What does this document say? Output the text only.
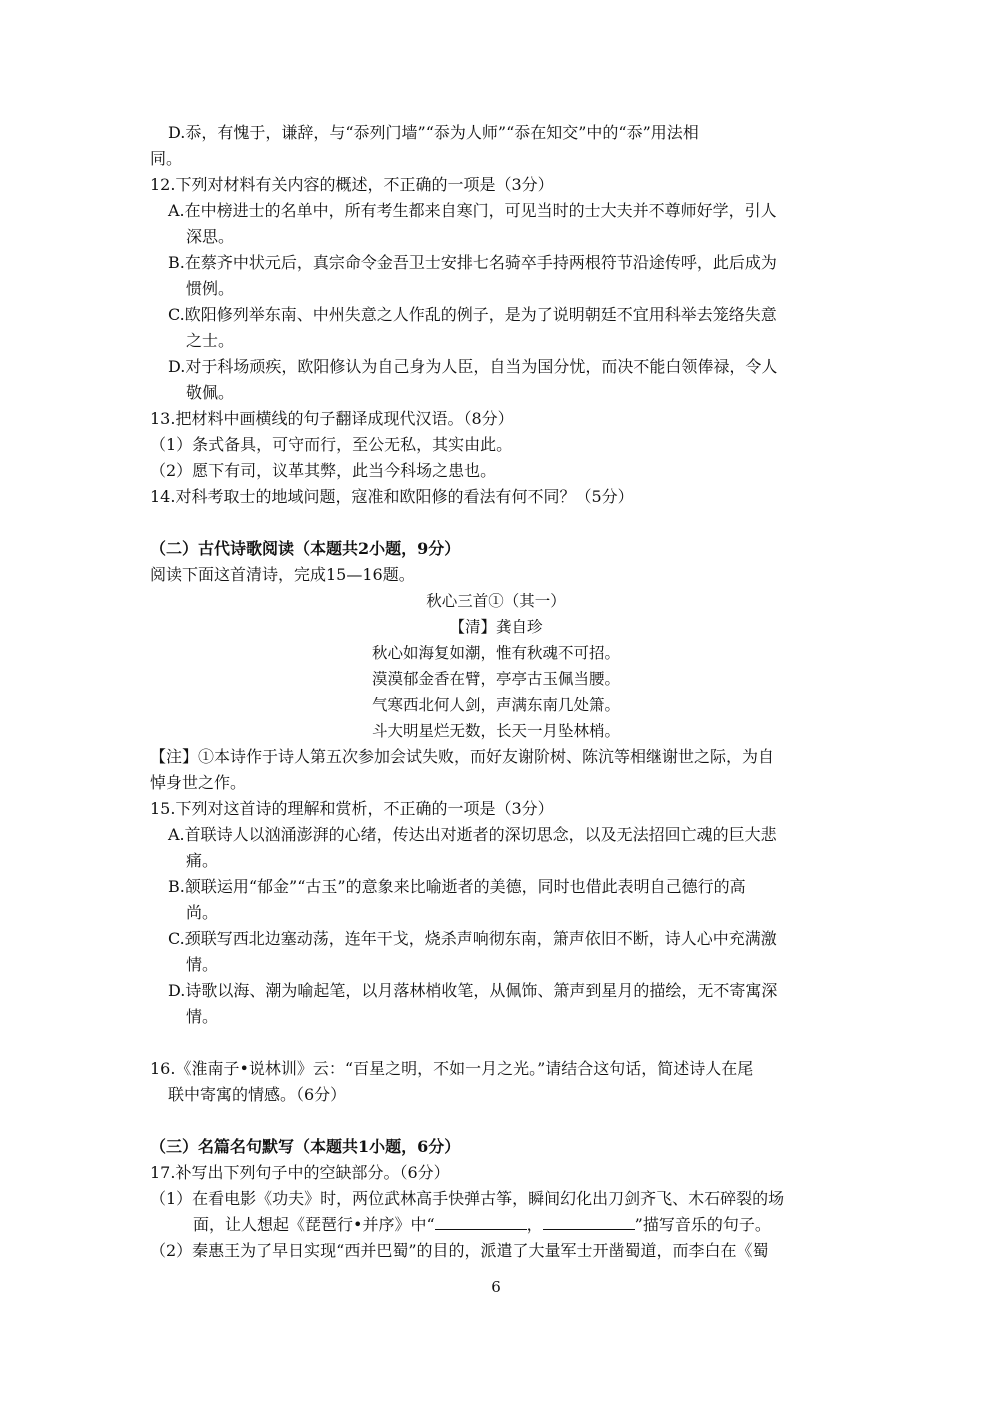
D.忝，有愧于，谦辞，与“忝列门墙”“忝为人师”“忝在知交”中的“忝”用法相
同。
12.下列对材料有关内容的概述，不正确的一项是（3分）
A.在中榜进士的名单中，所有考生都来自寒门，可见当时的士大夫并不尊师好学，引人
深思。
B.在蔡齐中状元后，真宗命令金吾卫士安排七名骑卒手持两根符节沿途传呼，此后成为
惯例。
C.欧阳修列举东南、中州失意之人作乱的例子，是为了说明朝廷不宜用科举去笼络失意
之士。
D.对于科场顽疾，欧阳修认为自己身为人臣，自当为国分忧，而决不能白领俸禄，令人
敬佩。
13.把材料中画横线的句子翻译成现代汉语。（8分）
（1）条式备具，可守而行，至公无私，其实由此。
（2）愿下有司，议革其弊，此当今科场之患也。
14.对科考取士的地域问题，寇准和欧阳修的看法有何不同？（5分）
（二）古代诗歌阅读（本题共2小题，9分）
阅读下面这首清诗，完成15—16题。
秋心三首①（其一）
【清】龚自珍
秋心如海复如潮，惟有秋魂不可招。
漠漠郁金香在臂，亭亭古玉佩当腰。
气寒西北何人剑，声满东南几处箫。
斗大明星烂无数，长天一月坠林梢。
【注】①本诗作于诗人第五次参加会试失败，而好友谢阶树、陈沆等相继谢世之际，为自
悼身世之作。
15.下列对这首诗的理解和赏析，不正确的一项是（3分）
A.首联诗人以汹涌澎湃的心绪，传达出对逝者的深切思念，以及无法招回亡魂的巨大悲
痛。
B.颔联运用“郁金”“古玉”的意象来比喻逝者的美德，同时也借此表明自己德行的高
尚。
C.颈联写西北边塞动荡，连年干戈，烧杀声响彻东南，箫声依旧不断，诗人心中充满激
情。
D.诗歌以海、潮为喻起笔，以月落林梢收笔，从佩饰、箫声到星月的描绘，无不寄寓深
情。
16.《淮南子•说林训》云：“百星之明，不如一月之光。”请结合这句话，简述诗人在尾
联中寄寓的情感。（6分）
（三）名篇名句默写（本题共1小题，6分）
17.补写出下列句子中的空缺部分。（6分）
（1）在看电影《功夫》时，两位武林高手快弹古筝，瞬间幻化出刀剑齐飞、木石碎裂的场
面，让人想起《琵琶行•并序》中“	，	”描写音乐的句子。
（2）秦惠王为了早日实现“西并巴蜀”的目的，派遣了大量军士开凿蜀道，而李白在《蜀
6
